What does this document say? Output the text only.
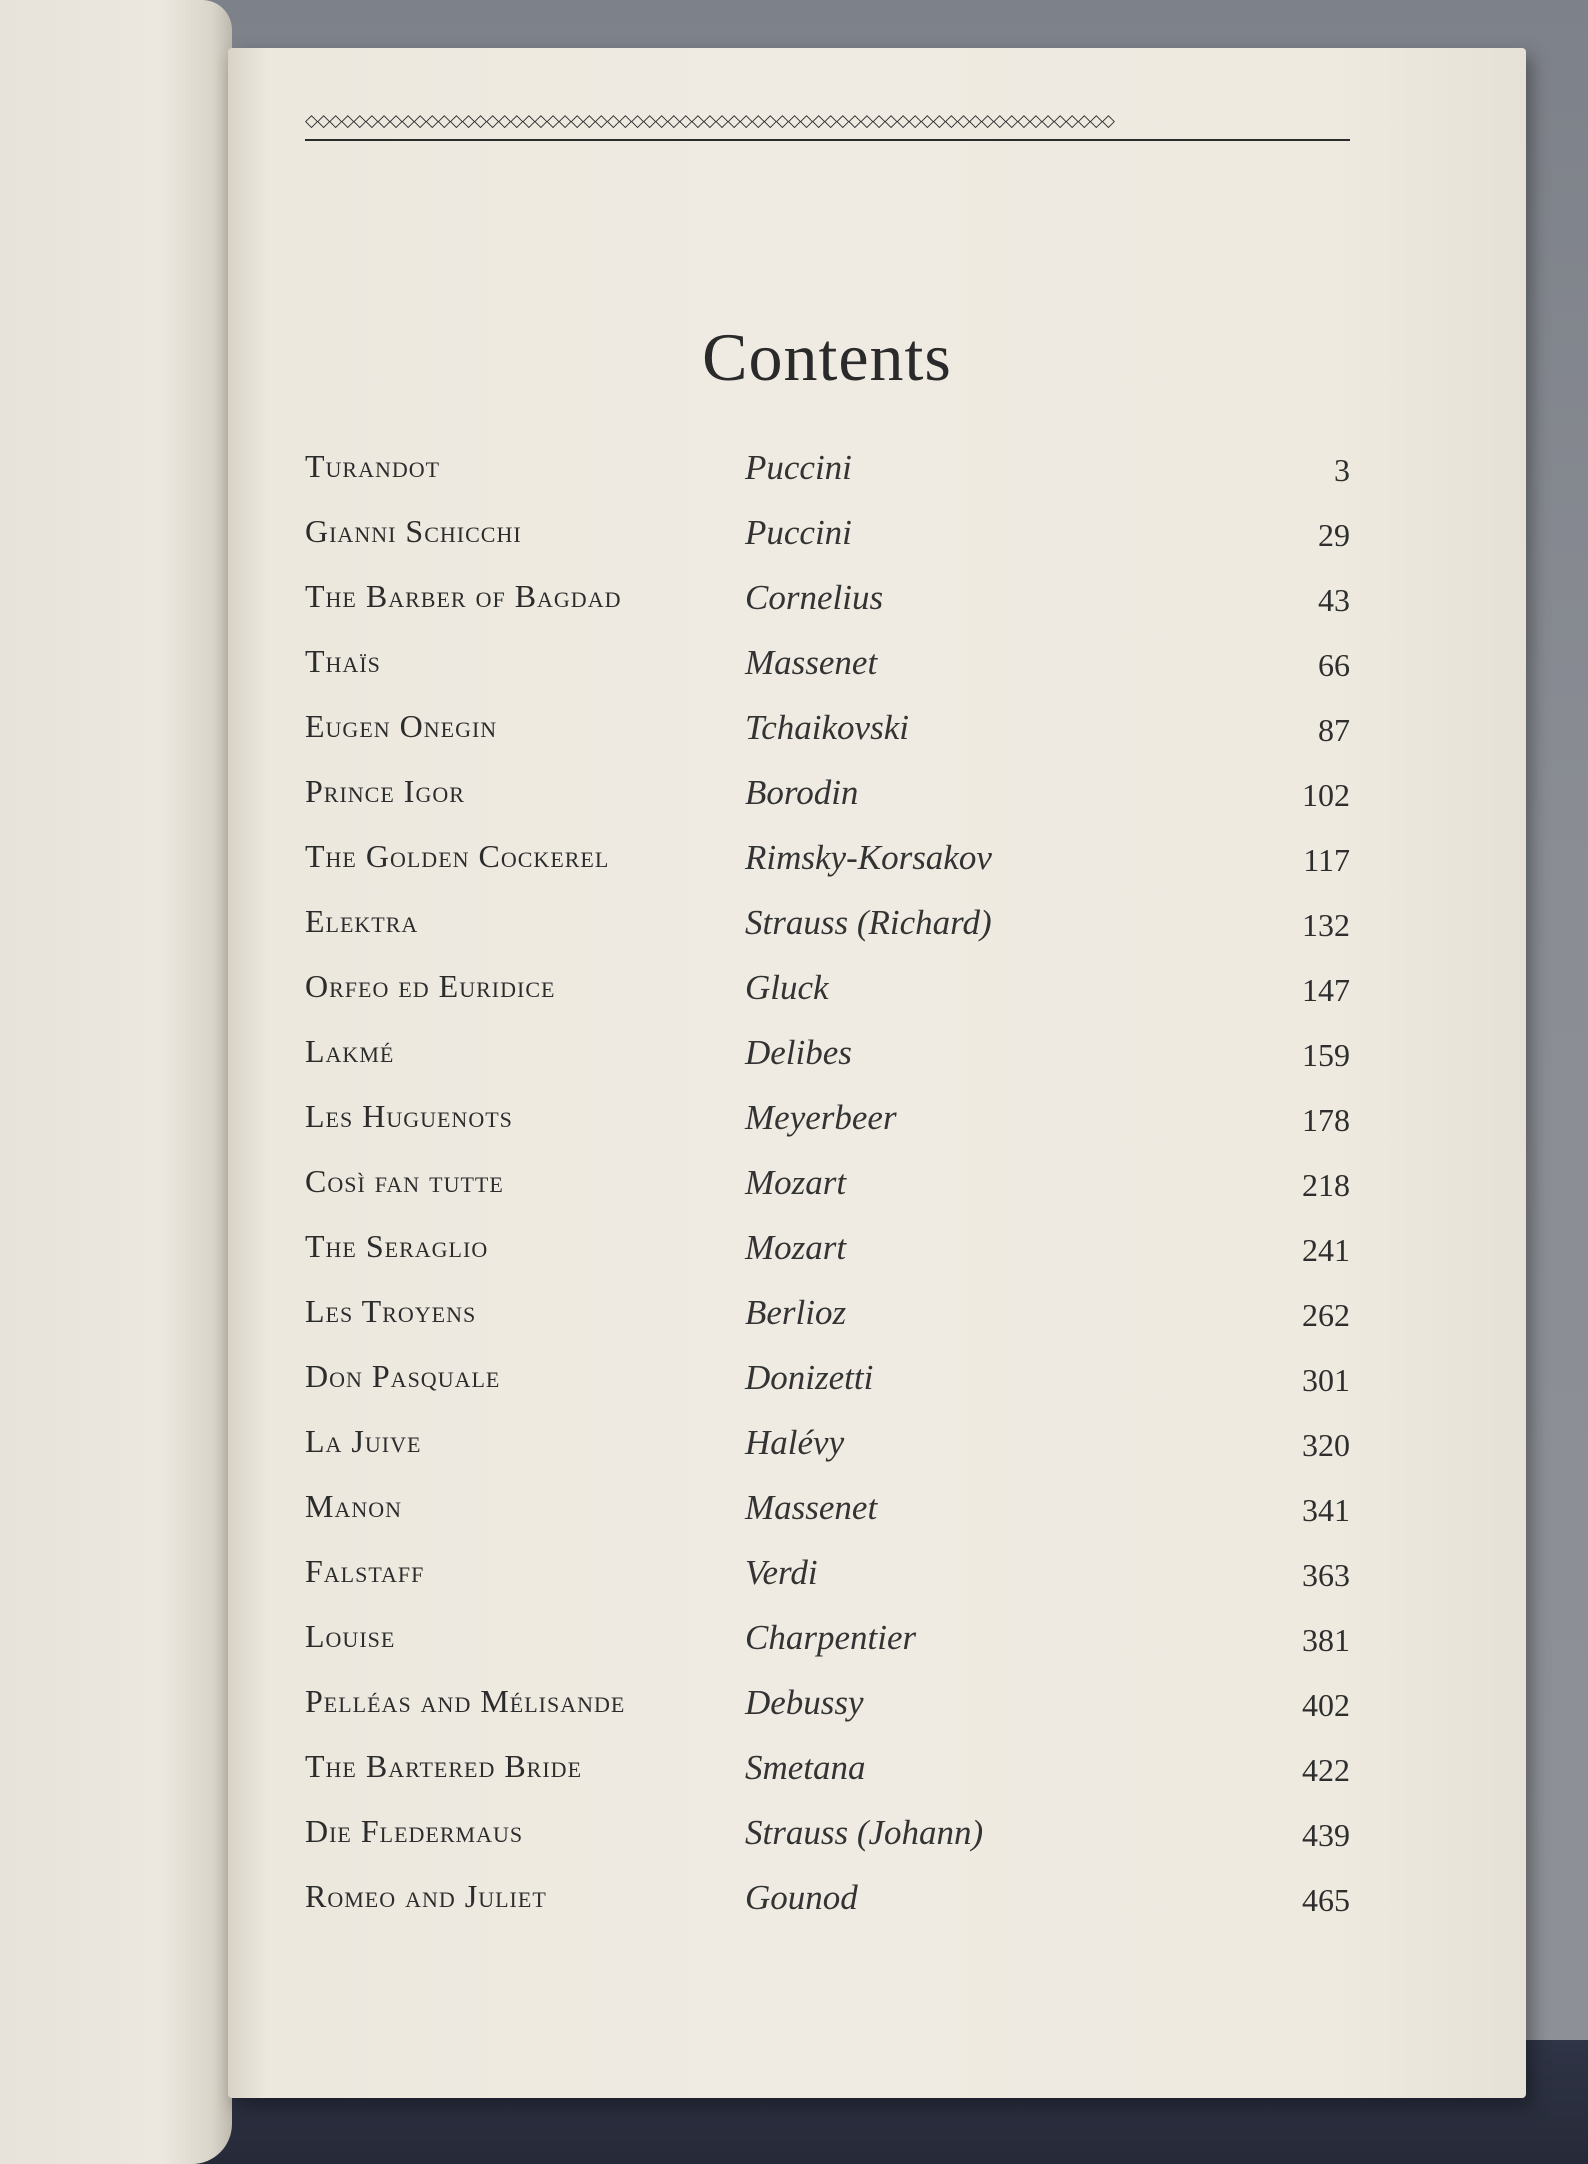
◇◇◇◇◇◇◇◇◇◇◇◇◇◇◇◇◇◇◇◇◇◇◇◇◇◇◇◇◇◇◇◇◇◇◇◇◇◇◇◇◇◇◇◇◇◇◇◇◇◇◇◇◇◇◇◇◇◇◇◇◇◇◇◇◇◇◇
Contents
Turandot	Puccini	3
Gianni Schicchi	Puccini	29
The Barber of Bagdad	Cornelius	43
Thaïs	Massenet	66
Eugen Onegin	Tchaikovski	87
Prince Igor	Borodin	102
The Golden Cockerel	Rimsky-Korsakov	117
Elektra	Strauss (Richard)	132
Orfeo ed Euridice	Gluck	147
Lakmé	Delibes	159
Les Huguenots	Meyerbeer	178
Così fan tutte	Mozart	218
The Seraglio	Mozart	241
Les Troyens	Berlioz	262
Don Pasquale	Donizetti	301
La Juive	Halévy	320
Manon	Massenet	341
Falstaff	Verdi	363
Louise	Charpentier	381
Pelléas and Mélisande	Debussy	402
The Bartered Bride	Smetana	422
Die Fledermaus	Strauss (Johann)	439
Romeo and Juliet	Gounod	465
